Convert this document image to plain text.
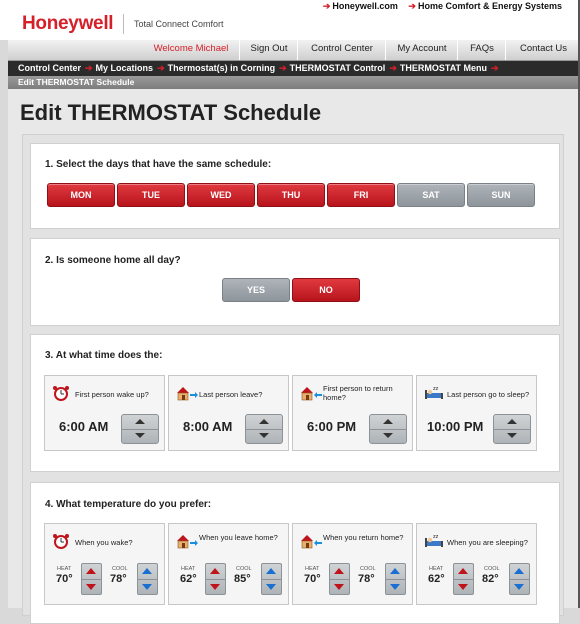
Honeywell	Total Connect Comfort
➔ Honeywell.com ➔ Home Comfort & Energy Systems
Welcome Michael	Sign Out	Control Center	My Account	FAQs	Contact Us
Control Center ➔ My Locations ➔ Thermostat(s) in Corning ➔ THERMOSTAT Control ➔ THERMOSTAT Menu ➔
Edit THERMOSTAT Schedule
Edit THERMOSTAT Schedule
1. Select the days that have the same schedule:
MON	TUE	WED	THU	FRI	SAT	SUN
2. Is someone home all day?
YES	NO
3. At what time does the:
First person wake up?
6:00 AM
Last person leave?
8:00 AM
First person to return home?
6:00 PM
zz
Last person go to sleep?
10:00 PM
4. What temperature do you prefer:
When you wake?
HEAT
70°
COOL
78°
When you leave home?
HEAT
62°
COOL
85°
When you return home?
HEAT
70°
COOL
78°
zz
When you are sleeping?
HEAT
62°
COOL
82°
